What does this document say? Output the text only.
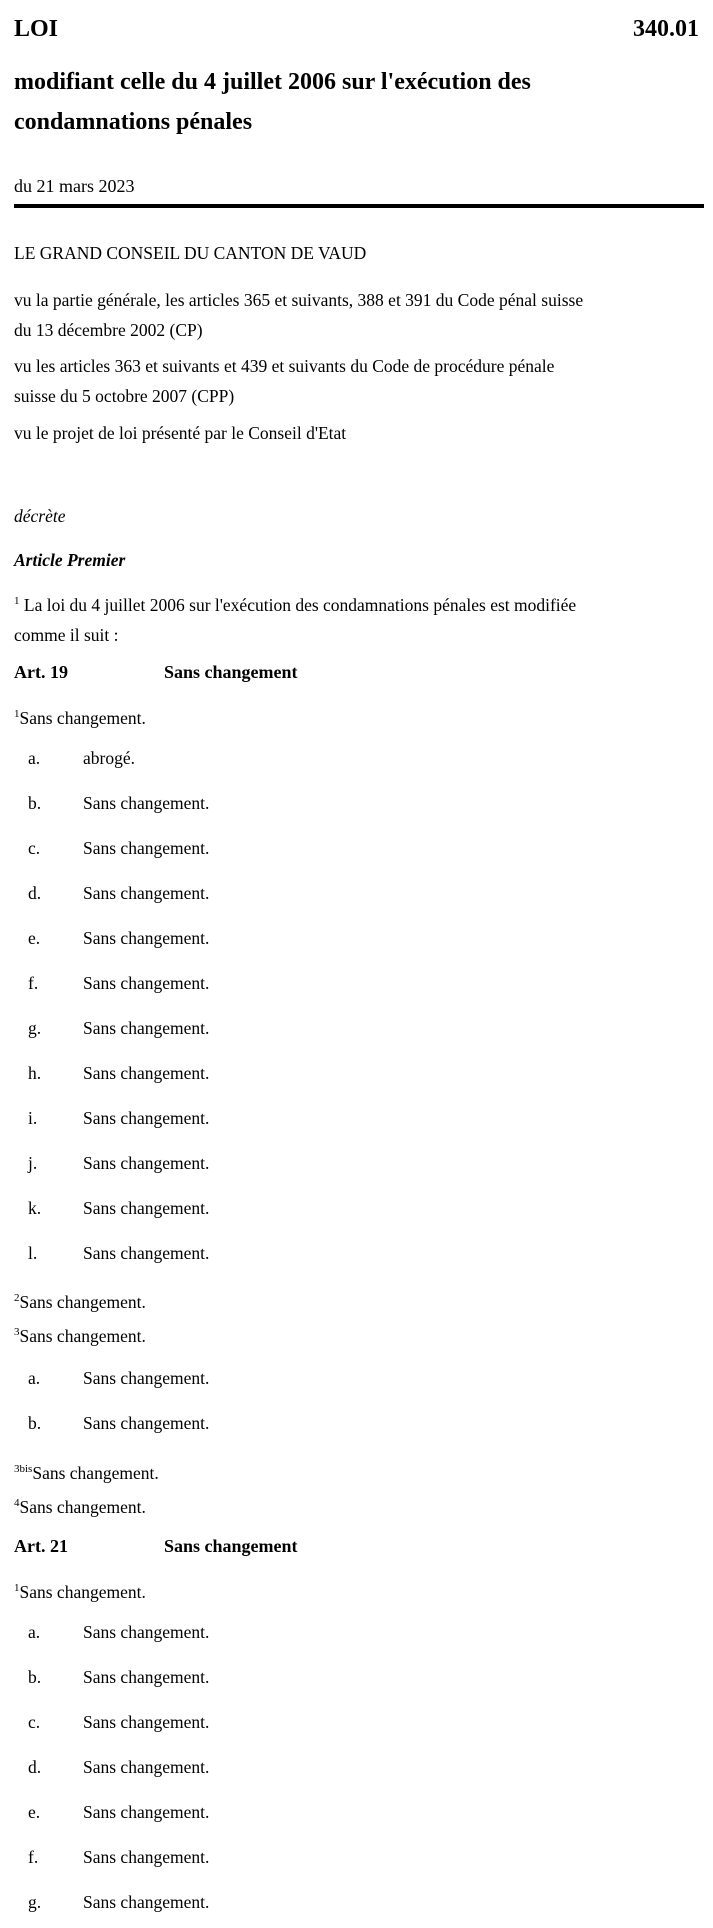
LOI	340.01
modifiant celle du 4 juillet 2006 sur l'exécution des
condamnations pénales
du 21 mars 2023
LE GRAND CONSEIL DU CANTON DE VAUD
vu la partie générale, les articles 365 et suivants, 388 et 391 du Code pénal suisse
du 13 décembre 2002 (CP)
vu les articles 363 et suivants et 439 et suivants du Code de procédure pénale
suisse du 5 octobre 2007 (CPP)
vu le projet de loi présenté par le Conseil d'Etat
décrète
Article Premier
$^1$ La loi du 4 juillet 2006 sur l'exécution des condamnations pénales est modifiée
comme il suit :
Art. 19	Sans changement
$^1$Sans changement.
a. abrogé.
b. Sans changement.
c. Sans changement.
d. Sans changement.
e. Sans changement.
f.	Sans changement.
g. Sans changement.
h. Sans changement.
i.	Sans changement.
j.	Sans changement.
k. Sans changement.
l.	Sans changement.
$^2$Sans changement.
$^3$Sans changement.
a. Sans changement.
b. Sans changement.
$^{3bis}$Sans changement.
$^4$Sans changement.
Art. 21	Sans changement
$^1$Sans changement.
a. Sans changement.
b. Sans changement.
c. Sans changement.
d. Sans changement.
e. Sans changement.
f.	Sans changement.
g. Sans changement.
